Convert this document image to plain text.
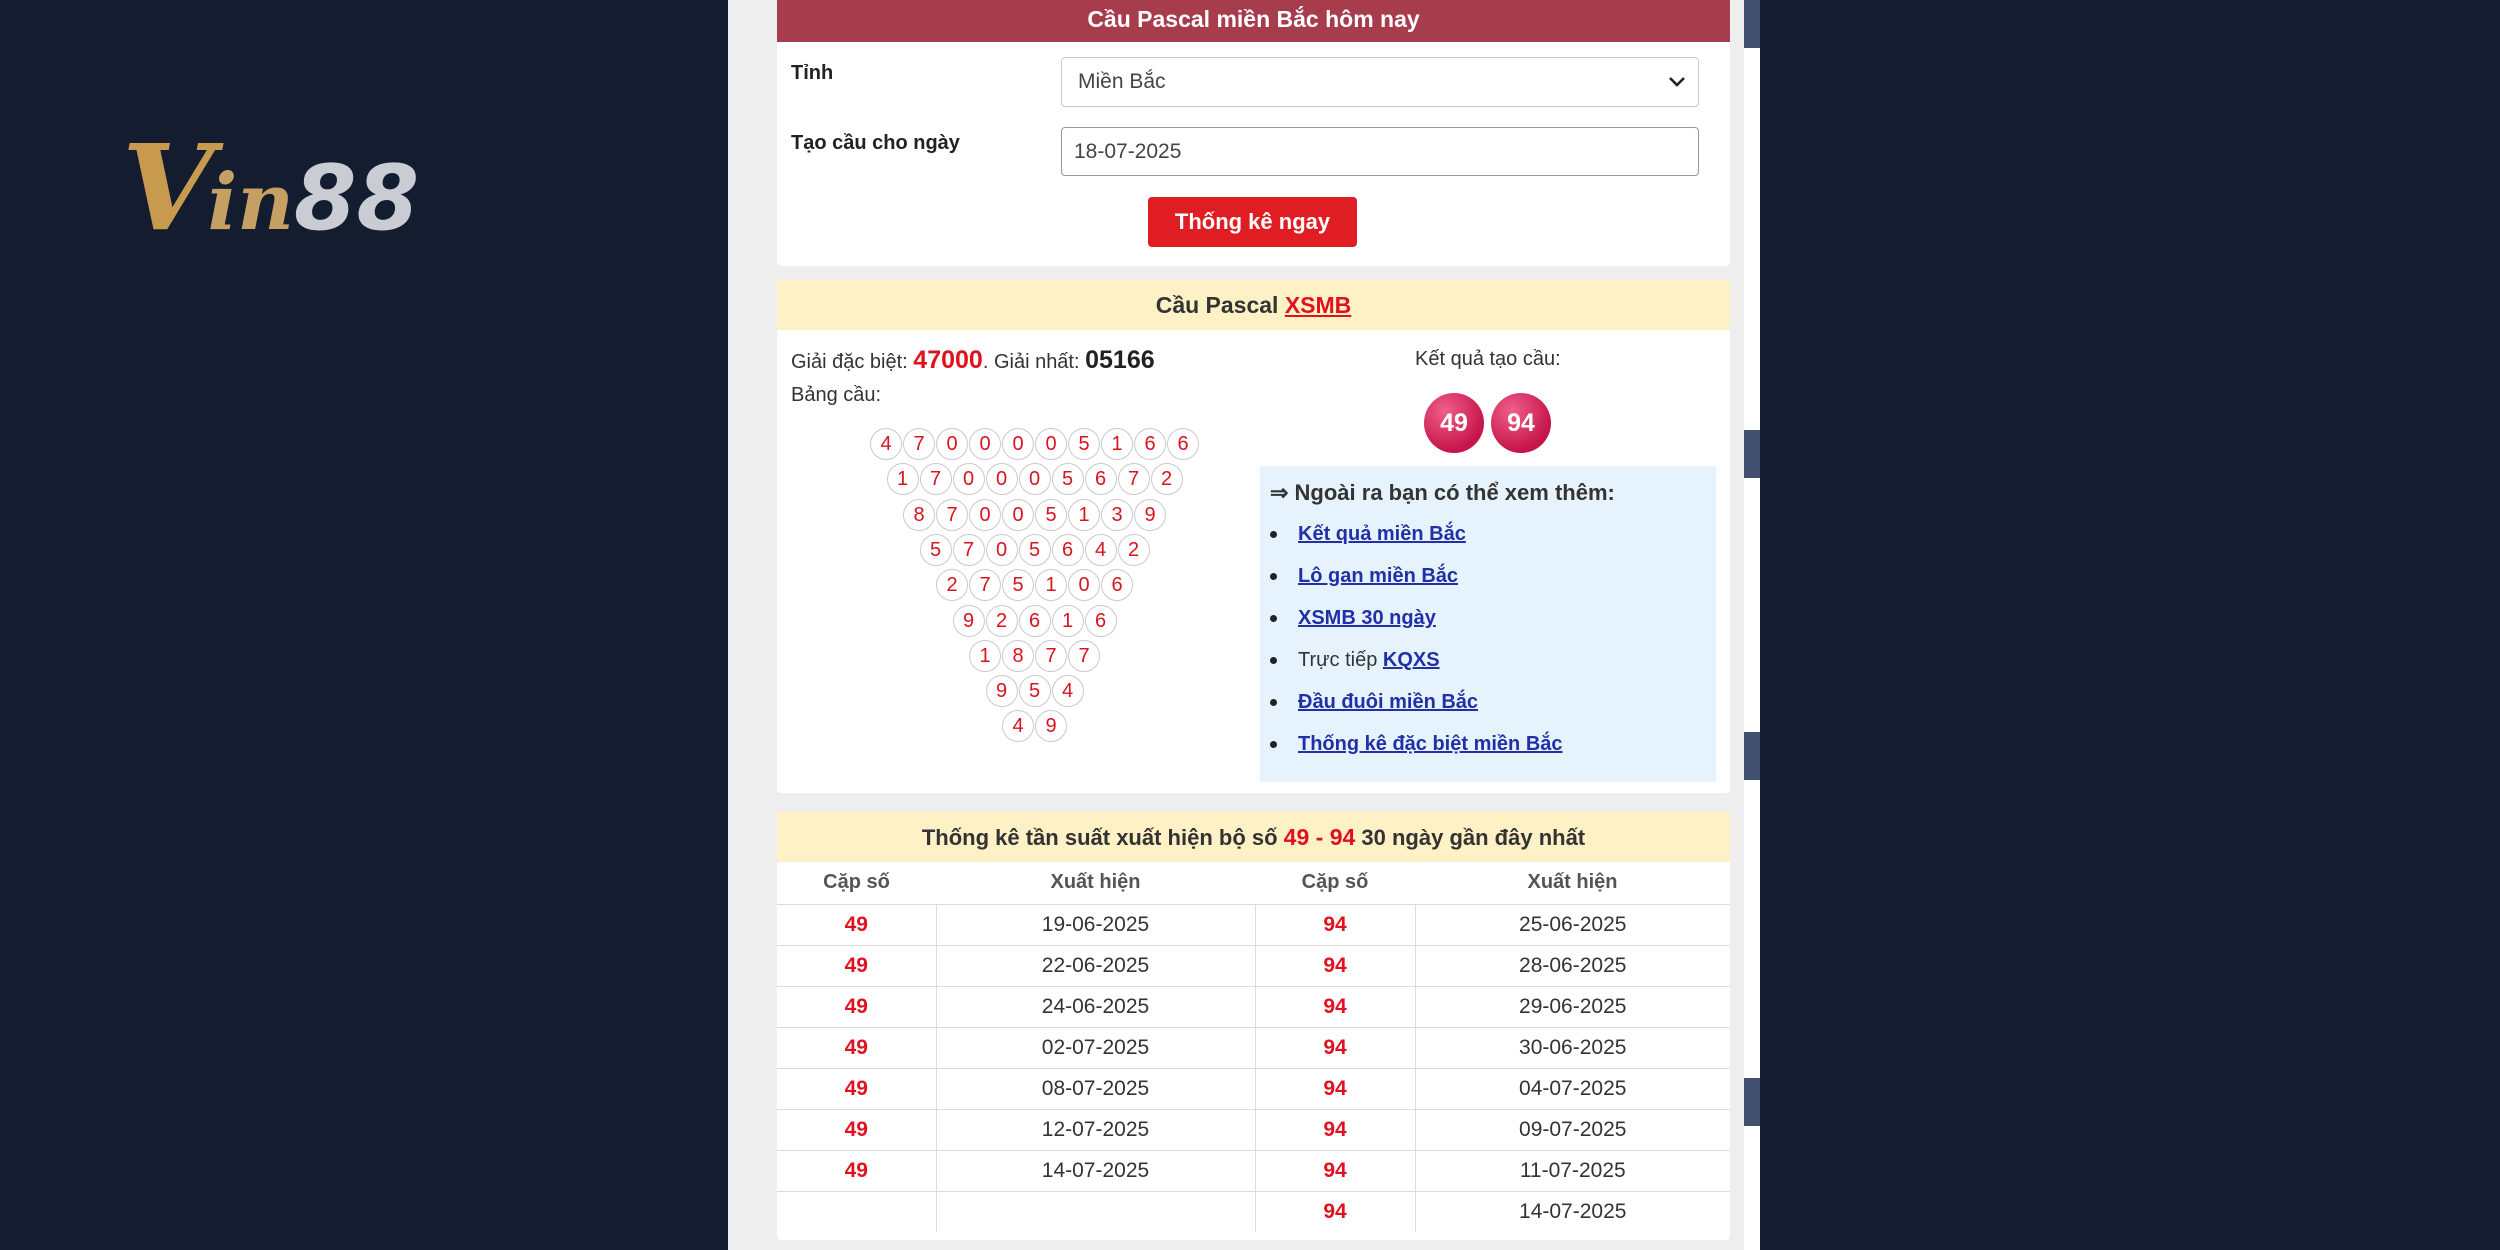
Vin88
Cầu Pascal miền Bắc hôm nay
Tỉnh	Miền Bắc
Tạo cầu cho ngày	18-07-2025
Thống kê ngay
Cầu Pascal XSMB
Giải đặc biệt: 47000. Giải nhất: 05166
Bảng cầu:
4	7	0	0	0	0	5	1	6	6
1	7	0	0	0	5	6	7	2
8	7	0	0	5	1	3	9
5	7	0	5	6	4	2
2	7	5	1	0	6
9	2	6	1	6
1	8	7	7
9	5	4
4	9
Kết quả tạo cầu:
49	94
⇒ Ngoài ra bạn có thể xem thêm:
Kết quả miền Bắc
Lô gan miền Bắc
XSMB 30 ngày
Trực tiếp KQXS
Đầu đuôi miền Bắc
Thống kê đặc biệt miền Bắc
Thống kê tần suất xuất hiện bộ số 49 - 94 30 ngày gần đây nhất
Cặp số	Xuất hiện	Cặp số	Xuất hiện
49	19-06-2025	94	25-06-2025
49	22-06-2025	94	28-06-2025
49	24-06-2025	94	29-06-2025
49	02-07-2025	94	30-06-2025
49	08-07-2025	94	04-07-2025
49	12-07-2025	94	09-07-2025
49	14-07-2025	94	11-07-2025
		94	14-07-2025
